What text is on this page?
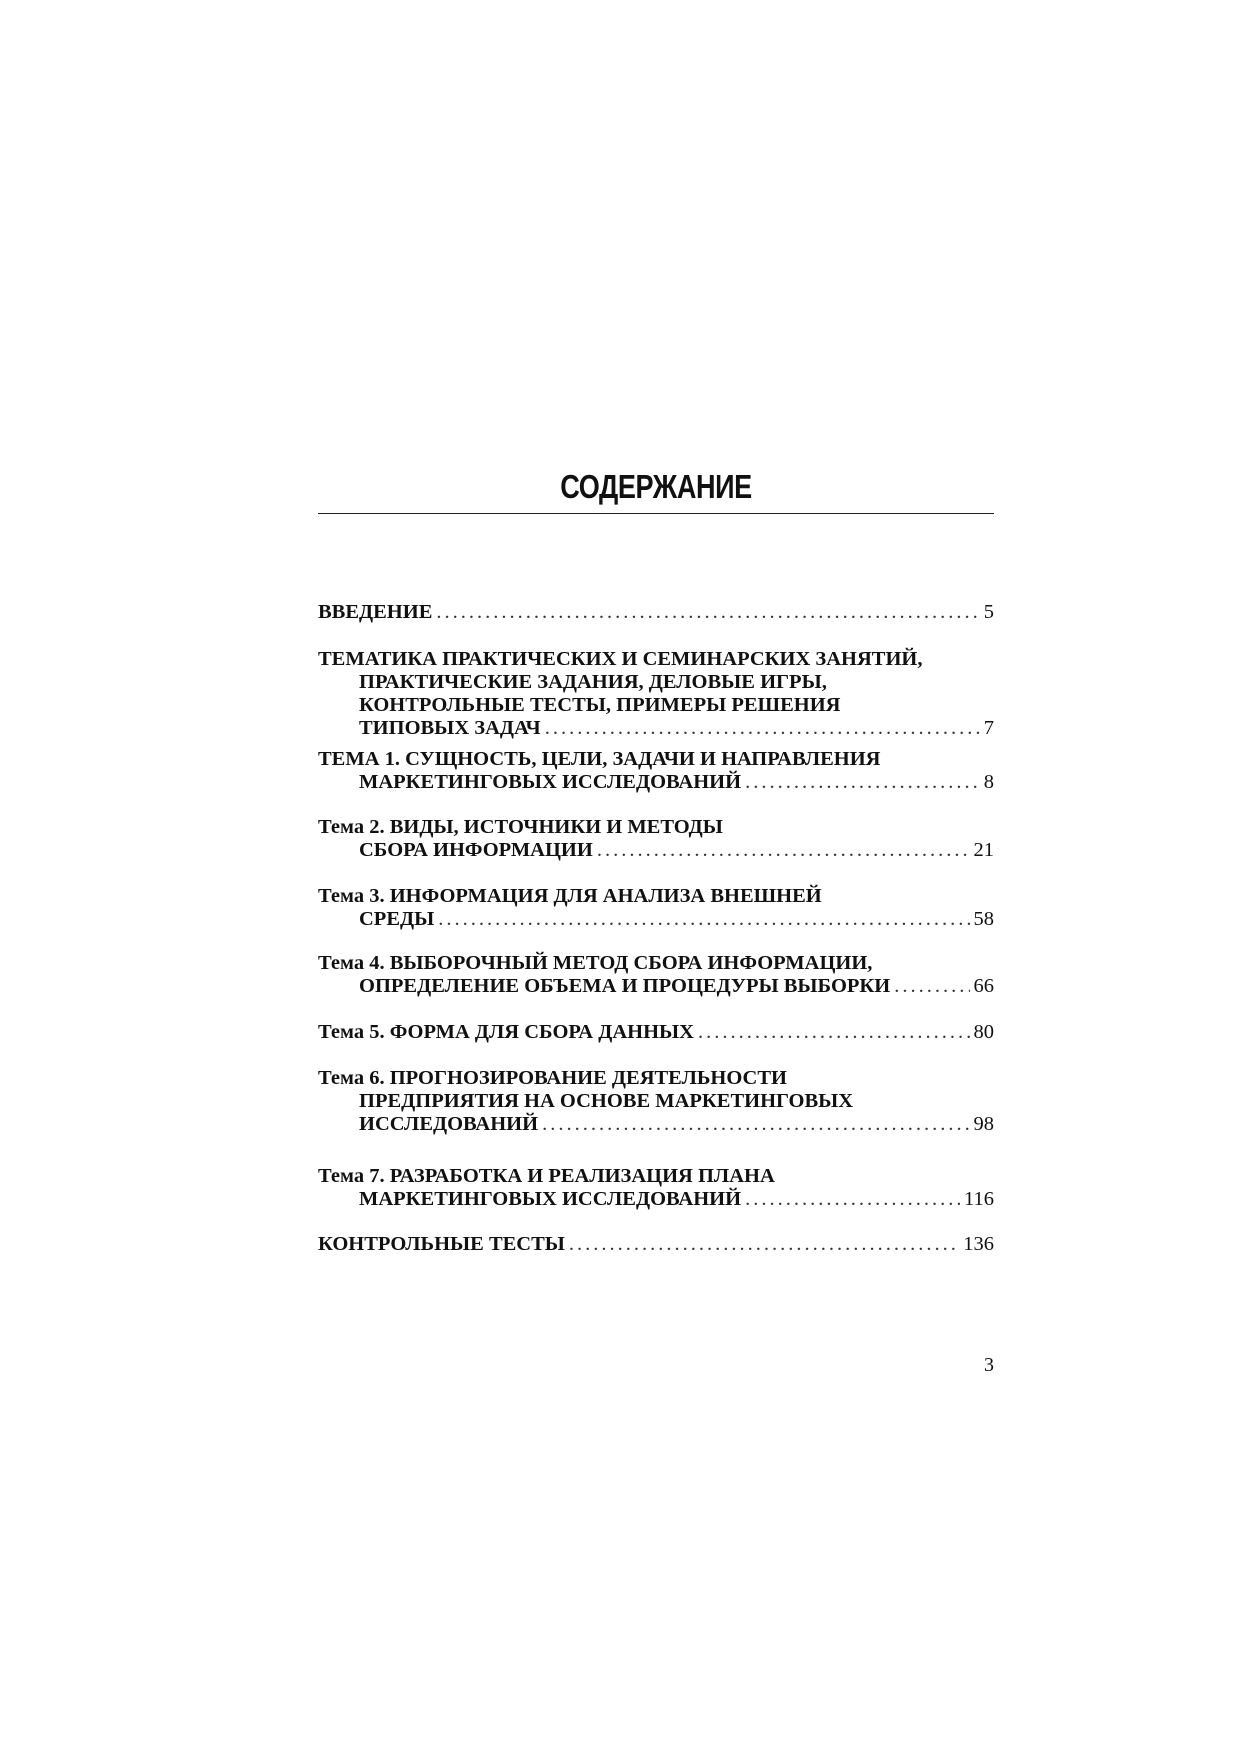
СОДЕРЖАНИЕ
ВВЕДЕНИЕ .....	5
ТЕМАТИКА ПРАКТИЧЕСКИХ И СЕМИНАРСКИХ ЗАНЯТИЙ,
ПРАКТИЧЕСКИЕ ЗАДАНИЯ, ДЕЛОВЫЕ ИГРЫ,
КОНТРОЛЬНЫЕ ТЕСТЫ, ПРИМЕРЫ РЕШЕНИЯ
ТИПОВЫХ ЗАДАЧ .....	7
ТЕМА 1. СУЩНОСТЬ, ЦЕЛИ, ЗАДАЧИ И НАПРАВЛЕНИЯ
МАРКЕТИНГОВЫХ ИССЛЕДОВАНИЙ .....	8
Тема 2. ВИДЫ, ИСТОЧНИКИ И МЕТОДЫ
СБОРА ИНФОРМАЦИИ .....	21
Тема 3. ИНФОРМАЦИЯ ДЛЯ АНАЛИЗА ВНЕШНЕЙ
СРЕДЫ .....	58
Тема 4. ВЫБОРОЧНЫЙ МЕТОД СБОРА ИНФОРМАЦИИ,
ОПРЕДЕЛЕНИЕ ОБЪЕМА И ПРОЦЕДУРЫ ВЫБОРКИ .....	66
Тема 5. ФОРМА ДЛЯ СБОРА ДАННЫХ .....	80
Тема 6. ПРОГНОЗИРОВАНИЕ ДЕЯТЕЛЬНОСТИ
ПРЕДПРИЯТИЯ НА ОСНОВЕ МАРКЕТИНГОВЫХ
ИССЛЕДОВАНИЙ .....	98
Тема 7. РАЗРАБОТКА И РЕАЛИЗАЦИЯ ПЛАНА
МАРКЕТИНГОВЫХ ИССЛЕДОВАНИЙ .....	116
КОНТРОЛЬНЫЕ ТЕСТЫ .....	136
3
